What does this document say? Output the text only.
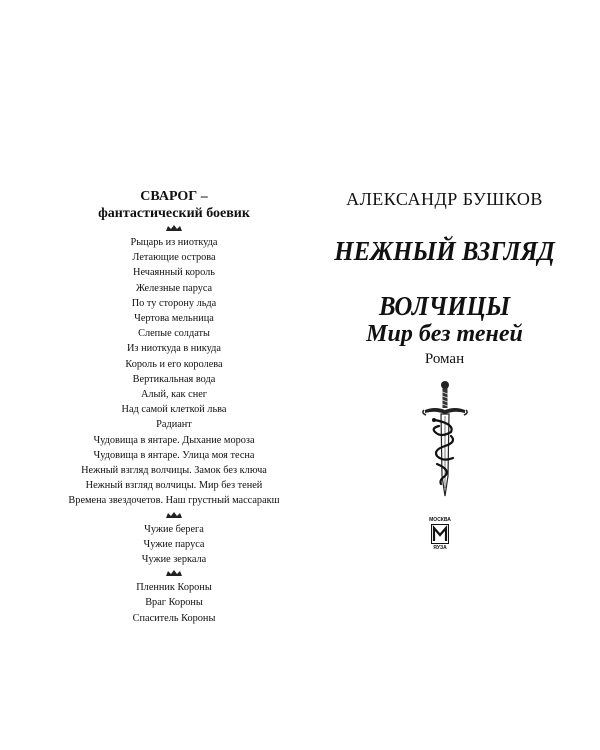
СВАРОГ –
фантастический боевик
Рыцарь из ниоткуда
Летающие острова
Нечаянный король
Железные паруса
По ту сторону льда
Чертова мельница
Слепые солдаты
Из ниоткуда в никуда
Король и его королева
Вертикальная вода
Алый, как снег
Над самой клеткой льва
Радиант
Чудовища в янтаре. Дыхание мороза
Чудовища в янтаре. Улица моя тесна
Нежный взгляд волчицы. Замок без ключа
Нежный взгляд волчицы. Мир без теней
Времена звездочетов. Наш грустный массаракш
Чужие берега
Чужие паруса
Чужие зеркала
Пленник Короны
Враг Короны
Спаситель Короны
АЛЕКСАНДР БУШКОВ
НЕЖНЫЙ ВЗГЛЯД
ВОЛЧИЦЫ
Мир без теней
Роман
МОСКВА
ЯУЗА
